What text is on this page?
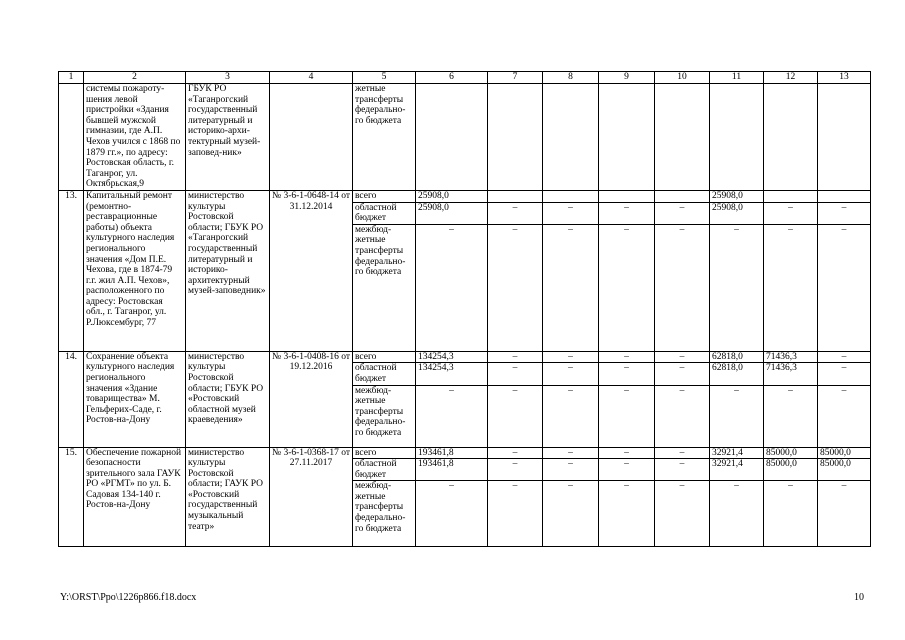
1	2	3	4	5	6	7	8	9	10	11	12	13
	системы пожароту-шения левой пристройки «Здания бывшей мужской гимназии, где А.П. Чехов учился с 1868 по 1879 гг.», по адресу: Ростовская область, г. Таганрог, ул. Октябрьская,9	ГБУК РО «Таганрогский государственный литературный и историко-архи-тектурный музей-заповед-ник»		жетные трансферты федерально-го бюджета								
13.	Капитальный ремонт (ремонтно-реставрационные работы) объекта культурного наследия регионального значения «Дом П.Е. Чехова, где в 1874-79 г.г. жил А.П. Чехов», расположенного по адресу: Ростовская обл., г. Таганрог, ул. Р.Люксембург, 77	министерство культуры Ростовской области; ГБУК РО «Таганрогский государственный литературный и историко-архитектурный музей-заповедник»	№ 3-6-1-0648-14 от 31.12.2014	всего	25908,0					25908,0		
				областной бюджет	25908,0	–	–	–	–	25908,0	–	–
				межбюд-жетные трансферты федерально-го бюджета	–	–	–	–	–	–	–	–
14.	Сохранение объекта культурного наследия регионального значения «Здание товарищества» М. Гельферих-Саде, г. Ростов-на-Дону	министерство культуры Ростовской области; ГБУК РО «Ростовский областной музей краеведения»	№ 3-6-1-0408-16 от 19.12.2016	всего	134254,3	–	–	–	–	62818,0	71436,3	–
				областной бюджет	134254,3	–	–	–	–	62818,0	71436,3	–
				межбюд-жетные трансферты федерально-го бюджета	–	–	–	–	–	–	–	–
15.	Обеспечение пожарной безопасности зрительного зала ГАУК РО «РГМТ» по ул. Б. Садовая 134-140 г. Ростов-на-Дону	министерство культуры Ростовской области; ГАУК РО «Ростовский государственный музыкальный театр»	№ 3-6-1-0368-17 от 27.11.2017	всего	193461,8	–	–	–	–	32921,4	85000,0	85000,0
				областной бюджет	193461,8	–	–	–	–	32921,4	85000,0	85000,0
				межбюд-жетные трансферты федерально-го бюджета	–	–	–	–	–	–	–	–
Y:\ORST\Ppo\1226p866.f18.docx	10
